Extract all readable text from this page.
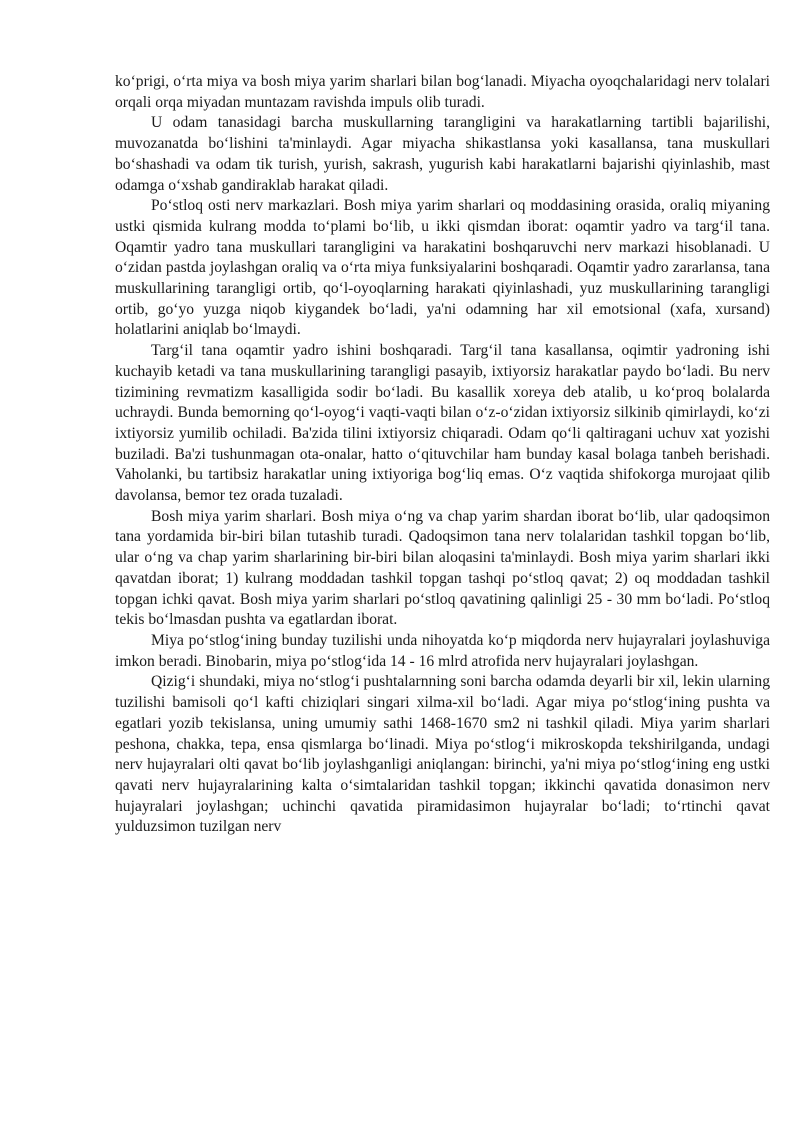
ko‘prigi, o‘rta miya va bosh miya yarim sharlari bilan bog‘lanadi. Miyacha oyoqchalaridagi nerv tolalari orqali orqa miyadan muntazam ravishda impuls olib turadi.

U odam tanasidagi barcha muskullarning tarangligini va harakatlarning tartibli bajarilishi, muvozanatda bo‘lishini ta'minlaydi. Agar miyacha shikastlansa yoki kasallansa, tana muskullari bo‘shashadi va odam tik turish, yurish, sakrash, yugurish kabi harakatlarni bajarishi qiyinlashib, mast odamga o‘xshab gandiraklab harakat qiladi.

Po‘stloq osti nerv markazlari. Bosh miya yarim sharlari oq moddasining orasida, oraliq miyaning ustki qismida kulrang modda to‘plami bo‘lib, u ikki qismdan iborat: oqamtir yadro va targ‘il tana. Oqamtir yadro tana muskullari tarangligini va harakatini boshqaruvchi nerv markazi hisoblanadi. U o‘zidan pastda joylashgan oraliq va o‘rta miya funksiyalarini boshqaradi. Oqamtir yadro zararlansa, tana muskullarining tarangligi ortib, qo‘l-oyoqlarning harakati qiyinlashadi, yuz muskullarining tarangligi ortib, go‘yo yuzga niqob kiygandek bo‘ladi, ya'ni odamning har xil emotsional (xafa, xursand) holatlarini aniqlab bo‘lmaydi.

Targ‘il tana oqamtir yadro ishini boshqaradi. Targ‘il tana kasallansa, oqimtir yadroning ishi kuchayib ketadi va tana muskullarining tarangligi pasayib, ixtiyorsiz harakatlar paydo bo‘ladi. Bu nerv tizimining revmatizm kasalligida sodir bo‘ladi. Bu kasallik xoreya deb atalib, u ko‘proq bolalarda uchraydi. Bunda bemorning qo‘l-oyog‘i vaqti-vaqti bilan o‘z-o‘zidan ixtiyorsiz silkinib qimirlaydi, ko‘zi ixtiyorsiz yumilib ochiladi. Ba'zida tilini ixtiyorsiz chiqaradi. Odam qo‘li qaltiragani uchuv xat yozishi buziladi. Ba'zi tushunmagan ota-onalar, hatto o‘qituvchilar ham bunday kasal bolaga tanbeh berishadi. Vaholanki, bu tartibsiz harakatlar uning ixtiyoriga bog‘liq emas. O‘z vaqtida shifokorga murojaat qilib davolansa, bemor tez orada tuzaladi.

Bosh miya yarim sharlari. Bosh miya o‘ng va chap yarim shardan iborat bo‘lib, ular qadoqsimon tana yordamida bir-biri bilan tutashib turadi. Qadoqsimon tana nerv tolalaridan tashkil topgan bo‘lib, ular o‘ng va chap yarim sharlarining bir-biri bilan aloqasini ta'minlaydi. Bosh miya yarim sharlari ikki qavatdan iborat; 1) kulrang moddadan tashkil topgan tashqi po‘stloq qavat; 2) oq moddadan tashkil topgan ichki qavat. Bosh miya yarim sharlari po‘stloq qavatining qalinligi 25 - 30 mm bo‘ladi. Po‘stloq tekis bo‘lmasdan pushta va egatlardan iborat.

Miya po‘stlog‘ining bunday tuzilishi unda nihoyatda ko‘p miqdorda nerv hujayralari joylashuviga imkon beradi. Binobarin, miya po‘stlog‘ida 14 - 16 mlrd atrofida nerv hujayralari joylashgan.

Qizig‘i shundaki, miya no‘stlog‘i pushtalarnning soni barcha odamda deyarli bir xil, lekin ularning tuzilishi bamisoli qo‘l kafti chiziqlari singari xilma-xil bo‘ladi. Agar miya po‘stlog‘ining pushta va egatlari yozib tekislansa, uning umumiy sathi 1468-1670 sm2 ni tashkil qiladi. Miya yarim sharlari peshona, chakka, tepa, ensa qismlarga bo‘linadi. Miya po‘stlog‘i mikroskopda tekshirilganda, undagi nerv hujayralari olti qavat bo‘lib joylashganligi aniqlangan: birinchi, ya'ni miya po‘stlog‘ining eng ustki qavati nerv hujayralarining kalta o‘simtalaridan tashkil topgan; ikkinchi qavatida donasimon nerv hujayralari joylashgan; uchinchi qavatida piramidasimon hujayralar bo‘ladi; to‘rtinchi qavat yulduzsimon tuzilgan nerv
